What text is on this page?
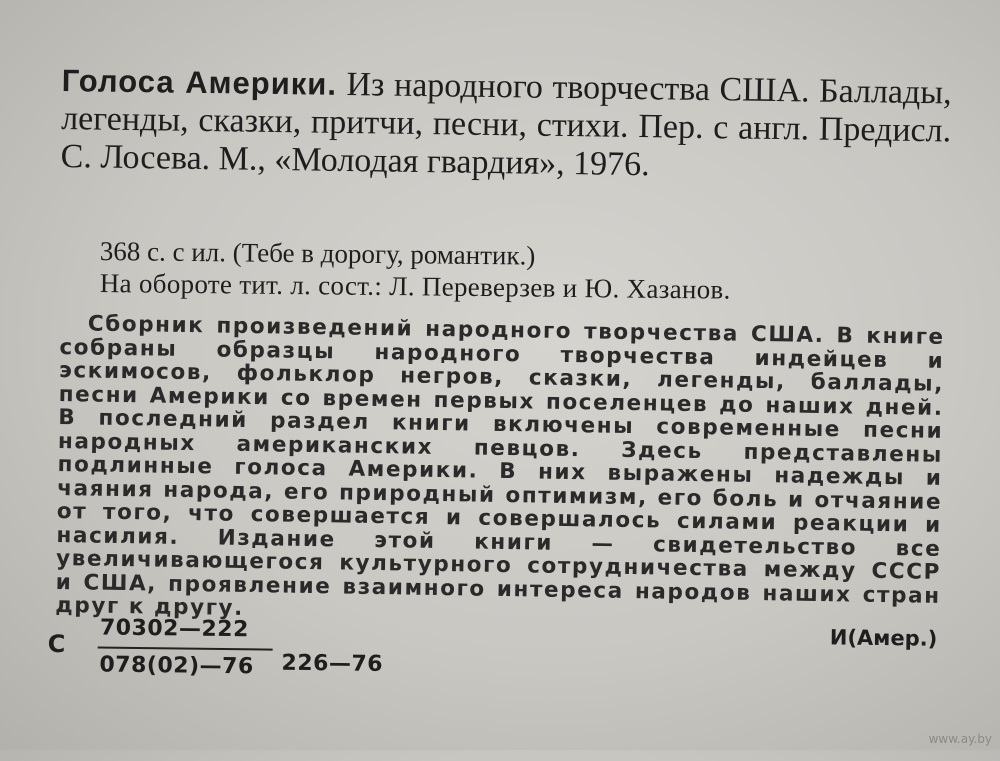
Голоса Америки. Из народного творчества США. Баллады, легенды, сказки, притчи, песни, стихи. Пер. с англ. Предисл. С. Лосева. М., «Молодая гвардия», 1976.
368 с. с ил. (Тебе в дорогу, романтик.)
На обороте тит. л. сост.: Л. Переверзев и Ю. Хазанов.
Сборник произведений народного творчества США. В книге собраны образцы народного творчества индейцев и эскимосов, фольклор негров, сказки, легенды, баллады, песни Америки со времен первых поселенцев до наших дней. В последний раздел книги включены современные песни народных американских певцов. Здесь представлены подлинные голоса Америки. В них выражены надежды и чаяния народа, его природный оптимизм, его боль и отчаяние от того, что совершается и совершалось силами реакции и насилия. Издание этой книги — свидетельство все увеличивающегося культурного сотрудничества между СССР и США, проявление взаимного интереса народов наших стран друг к другу.
С
70302—222
078(02)—76 226—76
И(Амер.)
www.ay.by
